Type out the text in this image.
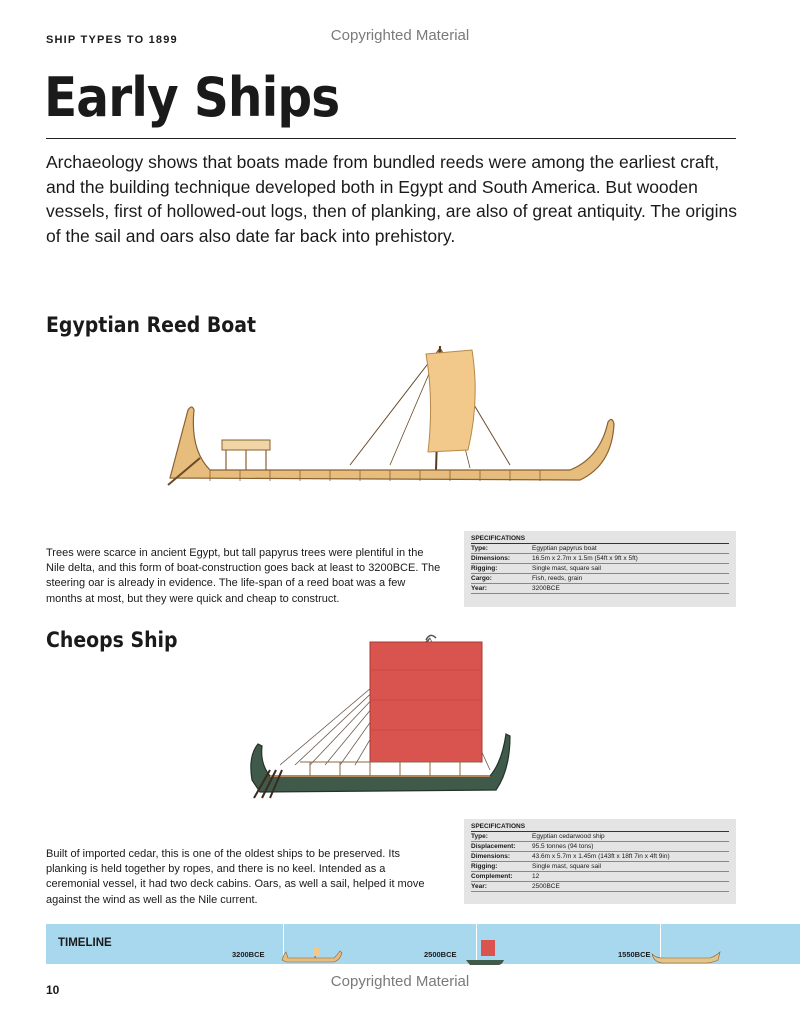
SHIP TYPES TO 1899	Copyrighted Material
Early Ships
Archaeology shows that boats made from bundled reeds were among the earliest craft, and the building technique developed both in Egypt and South America. But wooden vessels, first of hollowed-out logs, then of planking, are also of great antiquity. The origins of the sail and oars also date far back into prehistory.
Egyptian Reed Boat
Trees were scarce in ancient Egypt, but tall papyrus trees were plentiful in the Nile delta, and this form of boat-construction goes back at least to 3200BCE. The steering oar is already in evidence. The life-span of a reed boat was a few months at most, but they were quick and cheap to construct.
SPECIFICATIONS
Type:	Egyptian papyrus boat
Dimensions:	16.5m x 2.7m x 1.5m (54ft x 9ft x 5ft)
Rigging:	Single mast, square sail
Cargo:	Fish, reeds, grain
Year:	3200BCE
Cheops Ship
Built of imported cedar, this is one of the oldest ships to be preserved. Its planking is held together by ropes, and there is no keel. Intended as a ceremonial vessel, it had two deck cabins. Oars, as well a sail, helped it move against the wind as well as the Nile current.
SPECIFICATIONS
Type:	Egyptian cedarwood ship
Displacement:	95.5 tonnes (94 tons)
Dimensions:	43.6m x 5.7m x 1.45m (143ft x 18ft 7in x 4ft 9in)
Rigging:	Single mast, square sail
Complement:	12
Year:	2500BCE
TIMELINE
3200BCE	2500BCE	1550BCE
10	Copyrighted Material
